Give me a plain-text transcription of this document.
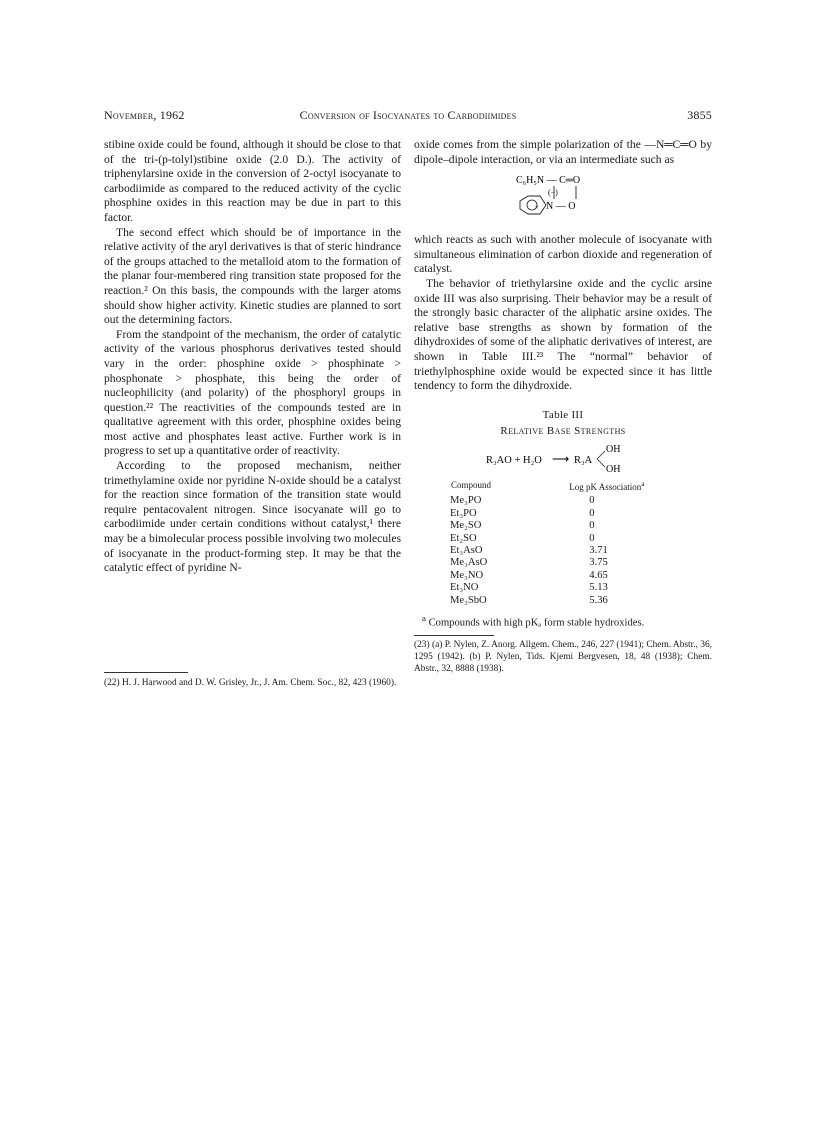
November, 1962	Conversion of Isocyanates to Carbodiimides	3855

stibine oxide could be found, although it should be close to that of the tri-(p-tolyl)stibine oxide (2.0 D.). The activity of triphenylarsine oxide in the conversion of 2-octyl isocyanate to carbodiimide as compared to the reduced activity of the cyclic phosphine oxides in this reaction may be due in part to this factor.

The second effect which should be of importance in the relative activity of the aryl derivatives is that of steric hindrance of the groups attached to the metalloid atom to the formation of the planar four-membered ring transition state proposed for the reaction.² On this basis, the compounds with the larger atoms should show higher activity. Kinetic studies are planned to sort out the determining factors.

From the standpoint of the mechanism, the order of catalytic activity of the various phosphorus derivatives tested should vary in the order: phosphine oxide > phosphinate > phosphonate > phosphate, this being the order of nucleophilicity (and polarity) of the phosphoryl groups in question.²² The reactivities of the compounds tested are in qualitative agreement with this order, phosphine oxides being most active and phosphates least active. Further work is in progress to set up a quantitative order of reactivity.

According to the proposed mechanism, neither trimethylamine oxide nor pyridine N-oxide should be a catalyst for the reaction since formation of the transition state would require pentacovalent nitrogen. Since isocyanate will go to carbodiimide under certain conditions without catalyst,¹ there may be a bimolecular process possible involving two molecules of isocyanate in the product-forming step. It may be that the catalytic effect of pyridine N-

(22) H. J. Harwood and D. W. Grisley, Jr., J. Am. Chem. Soc., 82, 423 (1960).

oxide comes from the simple polarization of the —N═C═O by dipole–dipole interaction, or via an intermediate such as

C₆H₅N — C═O
(−)
+ N — O

which reacts as such with another molecule of isocyanate with simultaneous elimination of carbon dioxide and regeneration of catalyst.

The behavior of triethylarsine oxide and the cyclic arsine oxide III was also surprising. Their behavior may be a result of the strongly basic character of the aliphatic arsine oxides. The relative base strengths as shown by formation of the dihydroxides of some of the aliphatic derivatives of interest, are shown in Table III.²³ The “normal” behavior of triethylphosphine oxide would be expected since it has little tendency to form the dihydroxide.

Table III
Relative Base Strengths
R₃AO + H₂O ⟶ R₃A
OH
OH
Compound	Log pK Association$^a$
Me₃PO	0
Et₃PO	0
Me₂SO	0
Et₂SO	0
Et₃AsO	3.71
Me₃AsO	3.75
Me₃NO	4.65
Et₃NO	5.13
Me₃SbO	5.36
$^a$ Compounds with high pKₐ form stable hydroxides.
(23) (a) P. Nylen, Z. Anorg. Allgem. Chem., 246, 227 (1941); Chem. Abstr., 36, 1295 (1942). (b) P. Nylen, Tids. Kjemi Bergvesen, 18, 48 (1938); Chem. Abstr., 32, 8888 (1938).
